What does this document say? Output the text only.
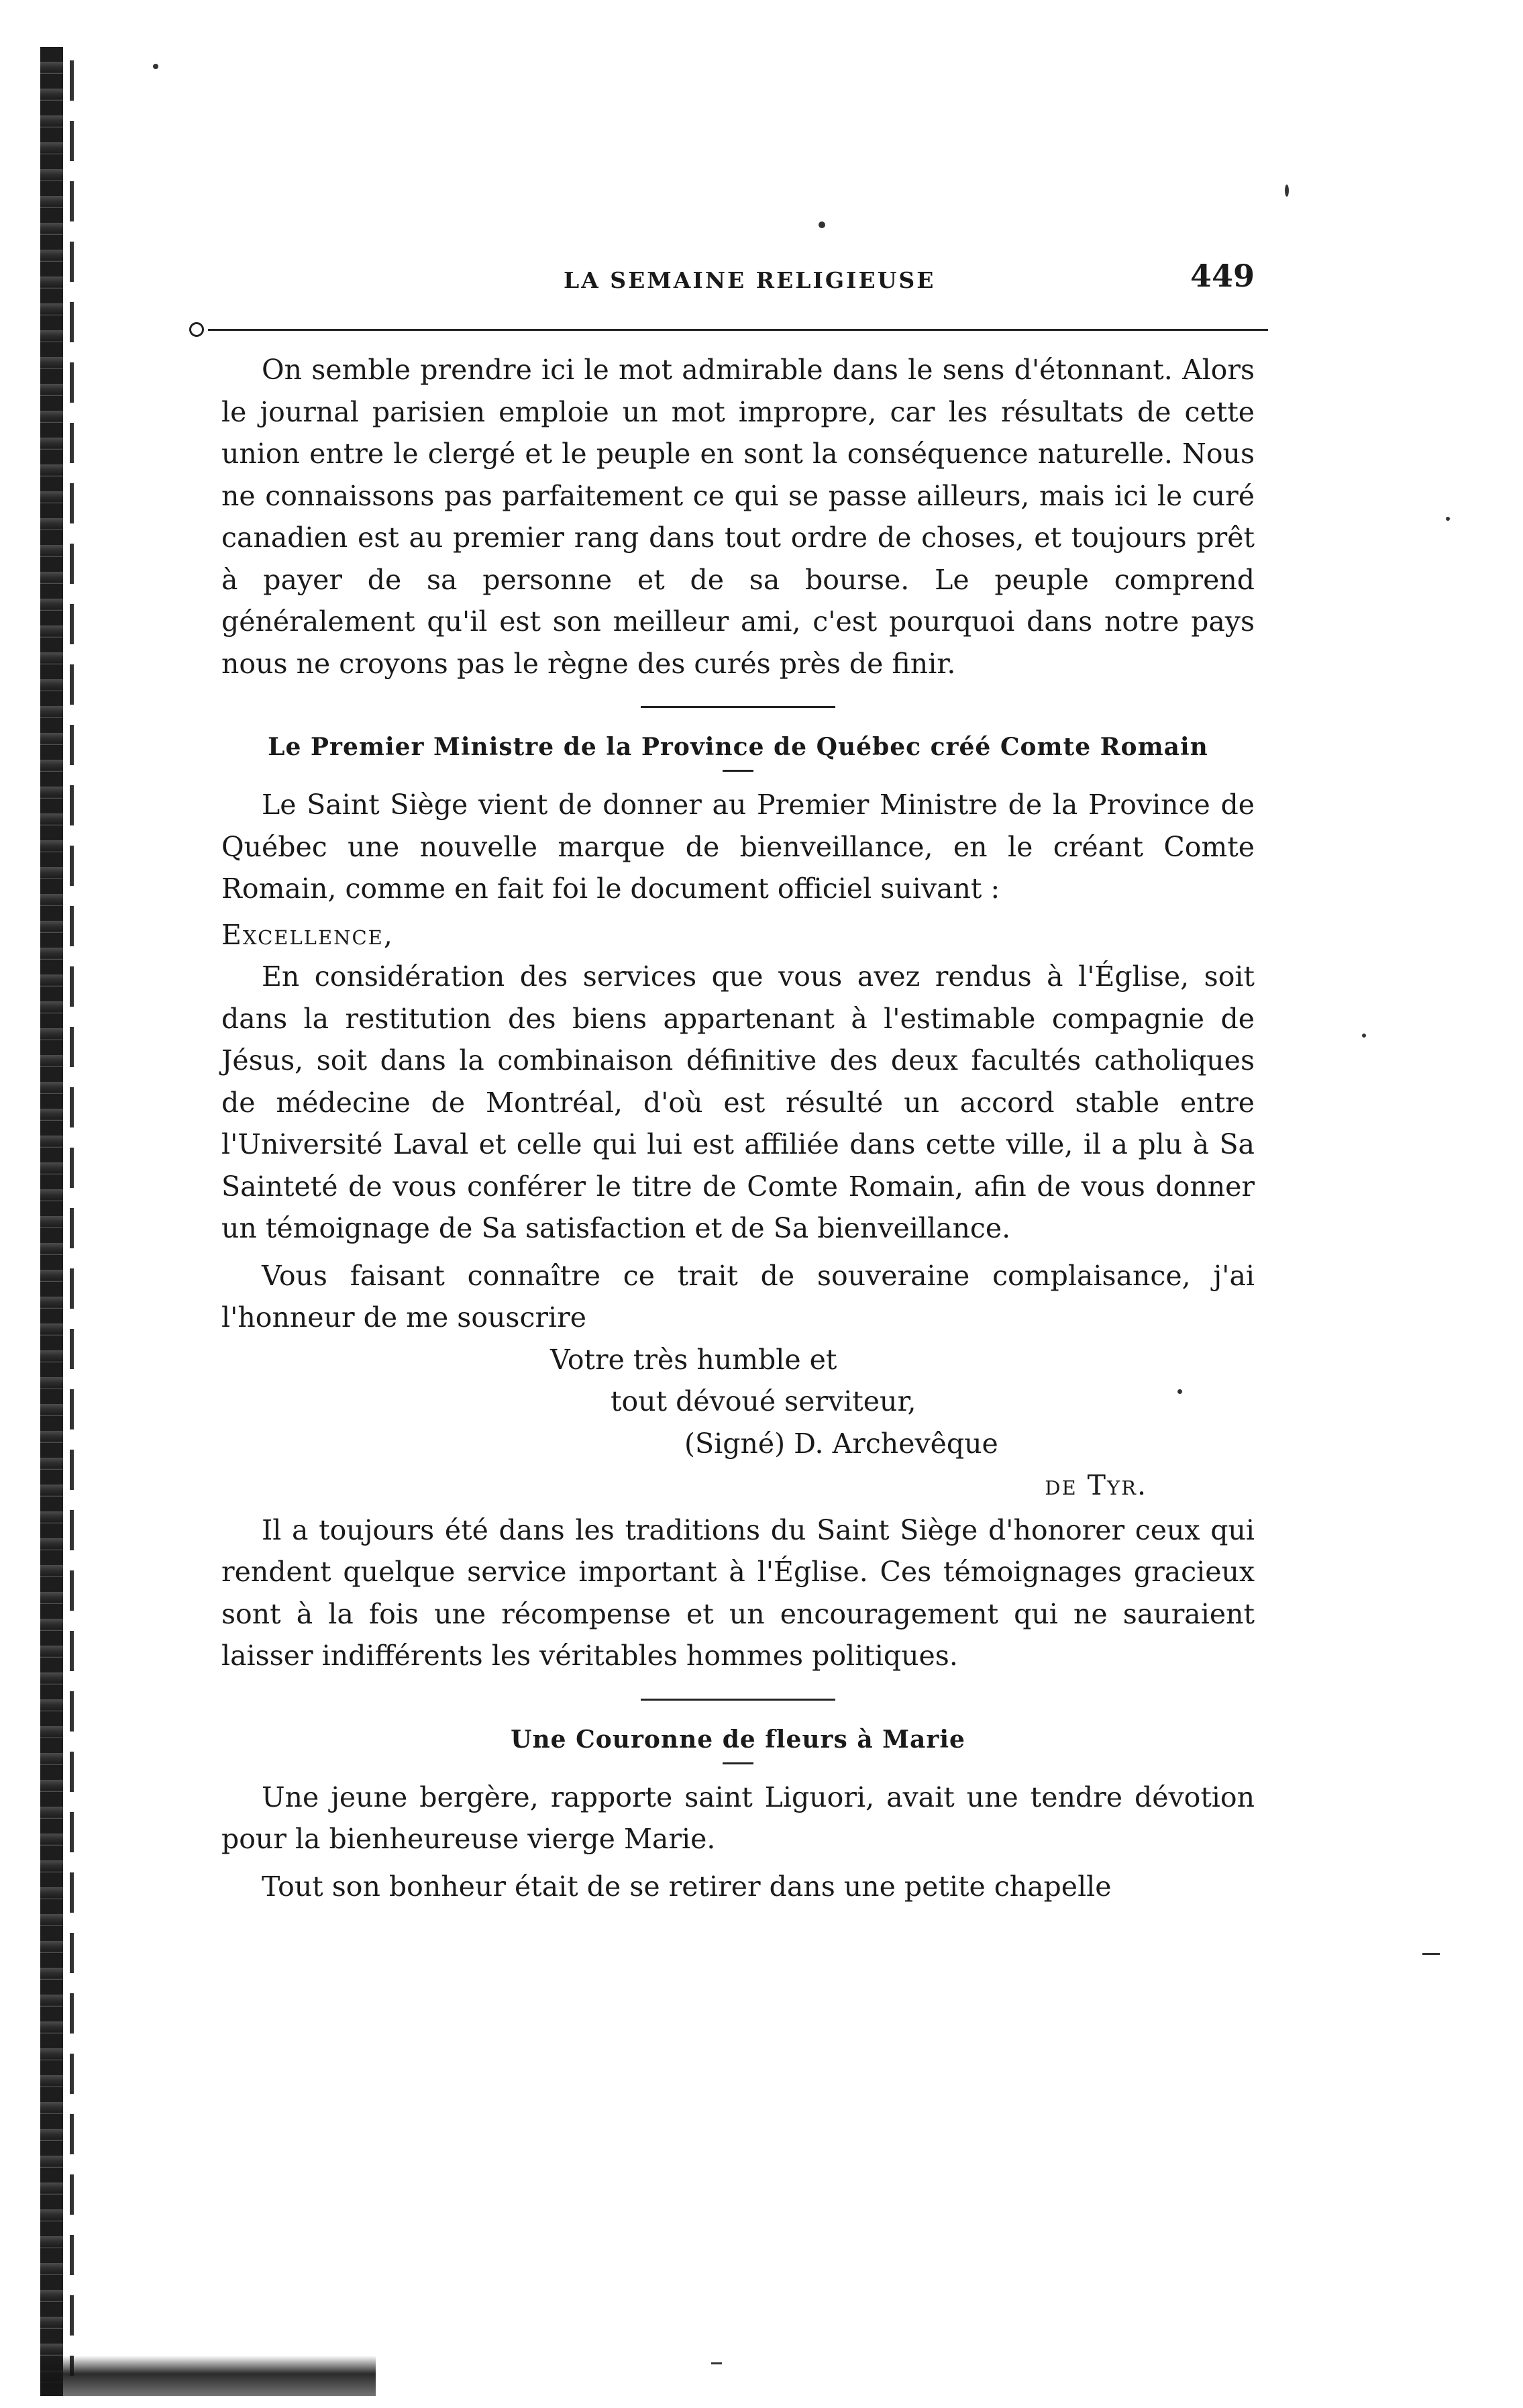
LA SEMAINE RELIGIEUSE	449

On semble prendre ici le mot admirable dans le sens d'étonnant. Alors le journal parisien emploie un mot impropre, car les résultats de cette union entre le clergé et le peuple en sont la conséquence naturelle. Nous ne connaissons pas parfaitement ce qui se passe ailleurs, mais ici le curé canadien est au premier rang dans tout ordre de choses, et toujours prêt à payer de sa personne et de sa bourse. Le peuple comprend généralement qu'il est son meilleur ami, c'est pourquoi dans notre pays nous ne croyons pas le règne des curés près de finir.

Le Premier Ministre de la Province de Québec créé Comte Romain

Le Saint Siège vient de donner au Premier Ministre de la Province de Québec une nouvelle marque de bienveillance, en le créant Comte Romain, comme en fait foi le document officiel suivant :

Excellence,

En considération des services que vous avez rendus à l'Église, soit dans la restitution des biens appartenant à l'estimable compagnie de Jésus, soit dans la combinaison définitive des deux facultés catholiques de médecine de Montréal, d'où est résulté un accord stable entre l'Université Laval et celle qui lui est affiliée dans cette ville, il a plu à Sa Sainteté de vous conférer le titre de Comte Romain, afin de vous donner un témoignage de Sa satisfaction et de Sa bienveillance.

Vous faisant connaître ce trait de souveraine complaisance, j'ai l'honneur de me souscrire

Votre très humble et

tout dévoué serviteur,

(Signé) D. Archevêque

de Tyr.

Il a toujours été dans les traditions du Saint Siège d'honorer ceux qui rendent quelque service important à l'Église. Ces témoignages gracieux sont à la fois une récompense et un encouragement qui ne sauraient laisser indifférents les véritables hommes politiques.

Une Couronne de fleurs à Marie

Une jeune bergère, rapporte saint Liguori, avait une tendre dévotion pour la bienheureuse vierge Marie.

Tout son bonheur était de se retirer dans une petite chapelle
